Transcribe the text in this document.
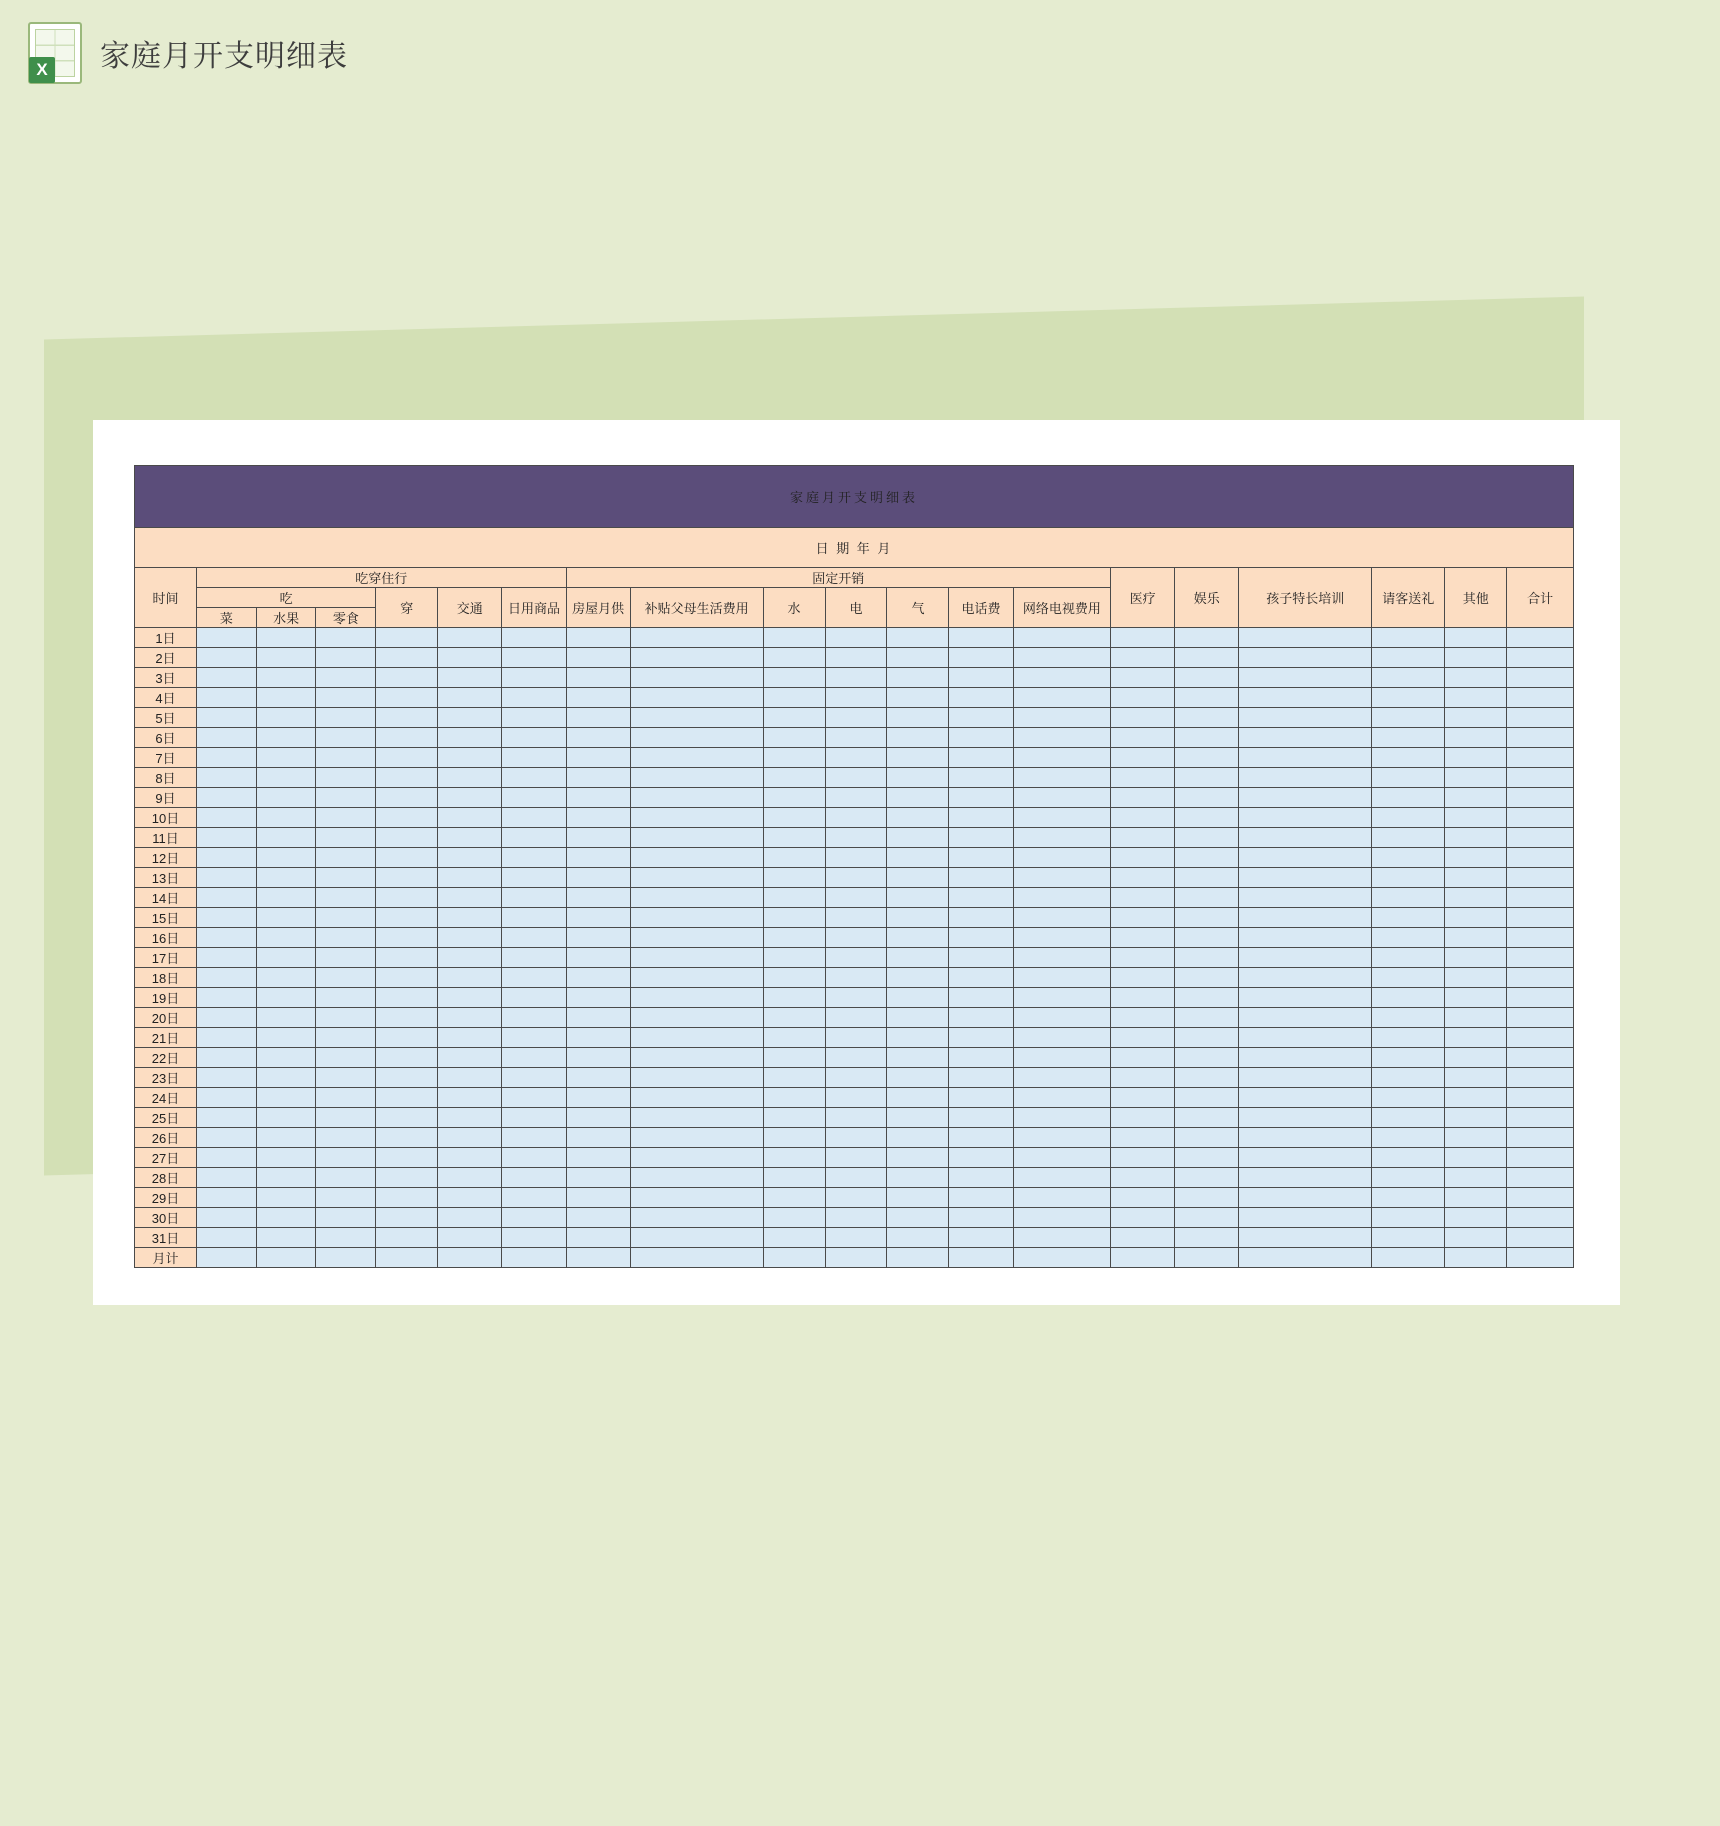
X 家庭月开支明细表
家庭月开支明细表																			
日 期 年 月																			
时间	吃穿住行						固定开销							医疗	娱乐	孩子特长培训	请客送礼	其他	合计
	吃			穿	交通	日用商品	房屋月供	补贴父母生活费用	水	电	气	电话费	网络电视费用						
	菜	水果	零食																
1日																			
2日																			
3日																			
4日																			
5日																			
6日																			
7日																			
8日																			
9日																			
10日																			
11日																			
12日																			
13日																			
14日																			
15日																			
16日																			
17日																			
18日																			
19日																			
20日																			
21日																			
22日																			
23日																			
24日																			
25日																			
26日																			
27日																			
28日																			
29日																			
30日																			
31日																			
月计																			
